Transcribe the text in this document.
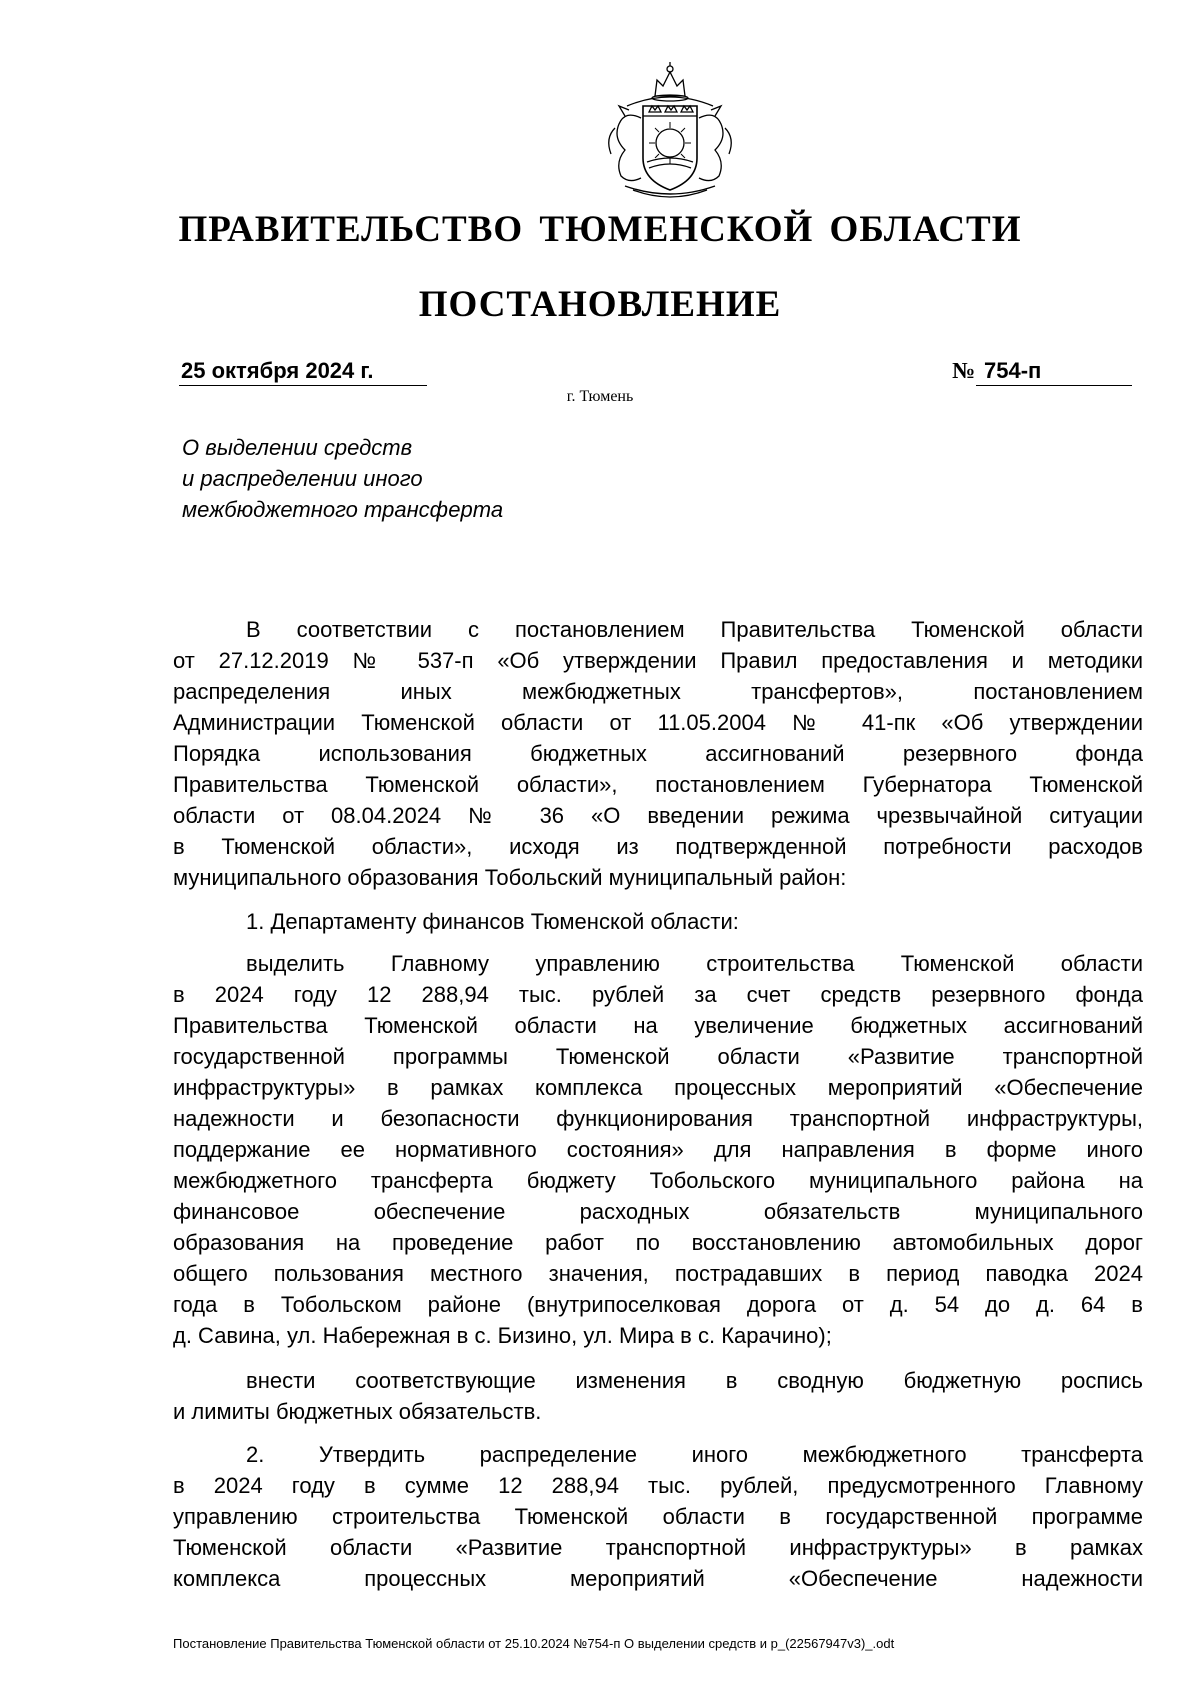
ПРАВИТЕЛЬСТВО ТЮМЕНСКОЙ ОБЛАСТИ
ПОСТАНОВЛЕНИЕ
25 октября 2024 г.	№ 754-п
г. Тюмень
О выделении средств
и распределении иного
межбюджетного трансферта
В соответствии с постановлением Правительства Тюменской области
от 27.12.2019 № 537-п «Об утверждении Правил предоставления и методики
распределения иных межбюджетных трансфертов», постановлением
Администрации Тюменской области от 11.05.2004 № 41-пк «Об утверждении
Порядка использования бюджетных ассигнований резервного фонда
Правительства Тюменской области», постановлением Губернатора Тюменской
области от 08.04.2024 № 36 «О введении режима чрезвычайной ситуации
в Тюменской области», исходя из подтвержденной потребности расходов
муниципального образования Тобольский муниципальный район:
1. Департаменту финансов Тюменской области:
выделить Главному управлению строительства Тюменской области
в 2024 году 12 288,94 тыс. рублей за счет средств резервного фонда
Правительства Тюменской области на увеличение бюджетных ассигнований
государственной программы Тюменской области «Развитие транспортной
инфраструктуры» в рамках комплекса процессных мероприятий «Обеспечение
надежности и безопасности функционирования транспортной инфраструктуры,
поддержание ее нормативного состояния» для направления в форме иного
межбюджетного трансферта бюджету Тобольского муниципального района на
финансовое обеспечение расходных обязательств муниципального
образования на проведение работ по восстановлению автомобильных дорог
общего пользования местного значения, пострадавших в период паводка 2024
года в Тобольском районе (внутрипоселковая дорога от д. 54 до д. 64 в
д. Савина, ул. Набережная в с. Бизино, ул. Мира в с. Карачино);
внести соответствующие изменения в сводную бюджетную роспись
и лимиты бюджетных обязательств.
2. Утвердить распределение иного межбюджетного трансферта
в 2024 году в сумме 12 288,94 тыс. рублей, предусмотренного Главному
управлению строительства Тюменской области в государственной программе
Тюменской области «Развитие транспортной инфраструктуры» в рамках
комплекса процессных мероприятий «Обеспечение надежности
Постановление Правительства Тюменской области от 25.10.2024 №754-п О выделении средств и р_(22567947v3)_.odt
